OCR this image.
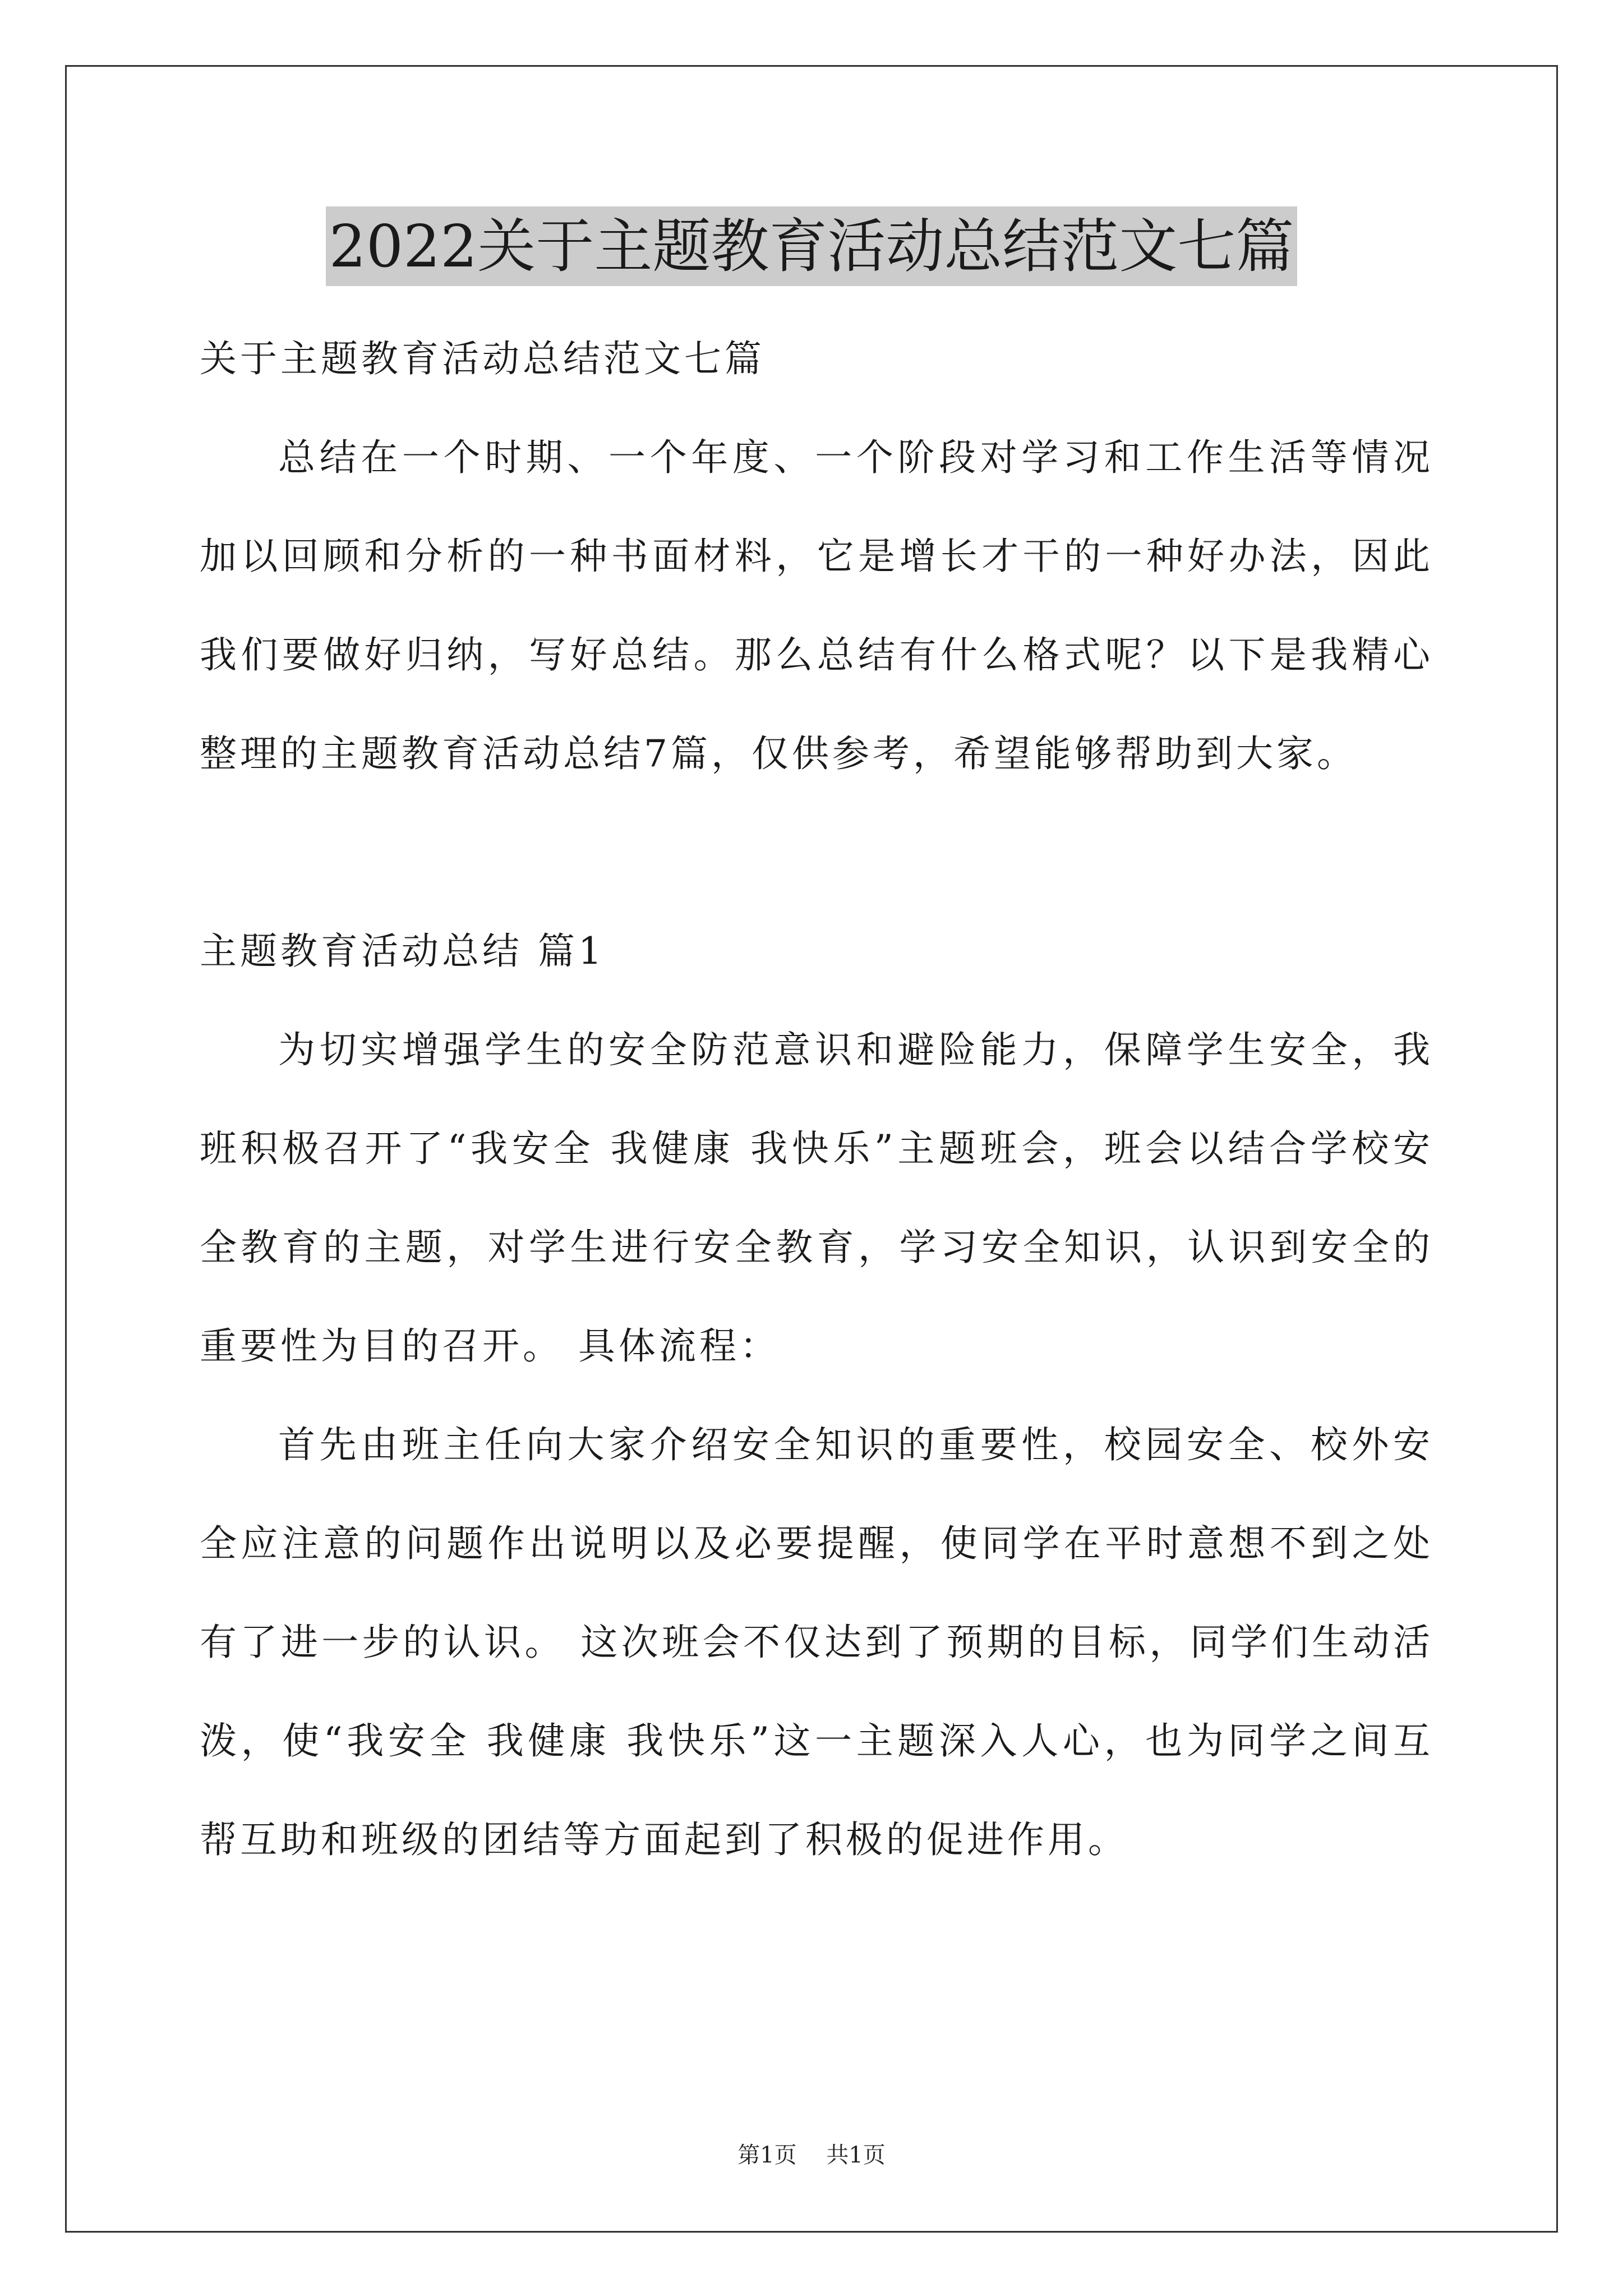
2022关于主题教育活动总结范文七篇

关于主题教育活动总结范文七篇

总结在一个时期、一个年度、一个阶段对学习和工作生活等情况加以回顾和分析的一种书面材料，它是增长才干的一种好办法，因此我们要做好归纳，写好总结。那么总结有什么格式呢？以下是我精心整理的主题教育活动总结7篇，仅供参考，希望能够帮助到大家。

主题教育活动总结 篇1

为切实增强学生的安全防范意识和避险能力，保障学生安全，我班积极召开了“我安全 我健康 我快乐”主题班会，班会以结合学校安全教育的主题，对学生进行安全教育，学习安全知识，认识到安全的重要性为目的召开。 具体流程：

首先由班主任向大家介绍安全知识的重要性，校园安全、校外安全应注意的问题作出说明以及必要提醒，使同学在平时意想不到之处有了进一步的认识。 这次班会不仅达到了预期的目标，同学们生动活泼，使“我安全 我健康 我快乐”这一主题深入人心，也为同学之间互帮互助和班级的团结等方面起到了积极的促进作用。

第1页 共1页
